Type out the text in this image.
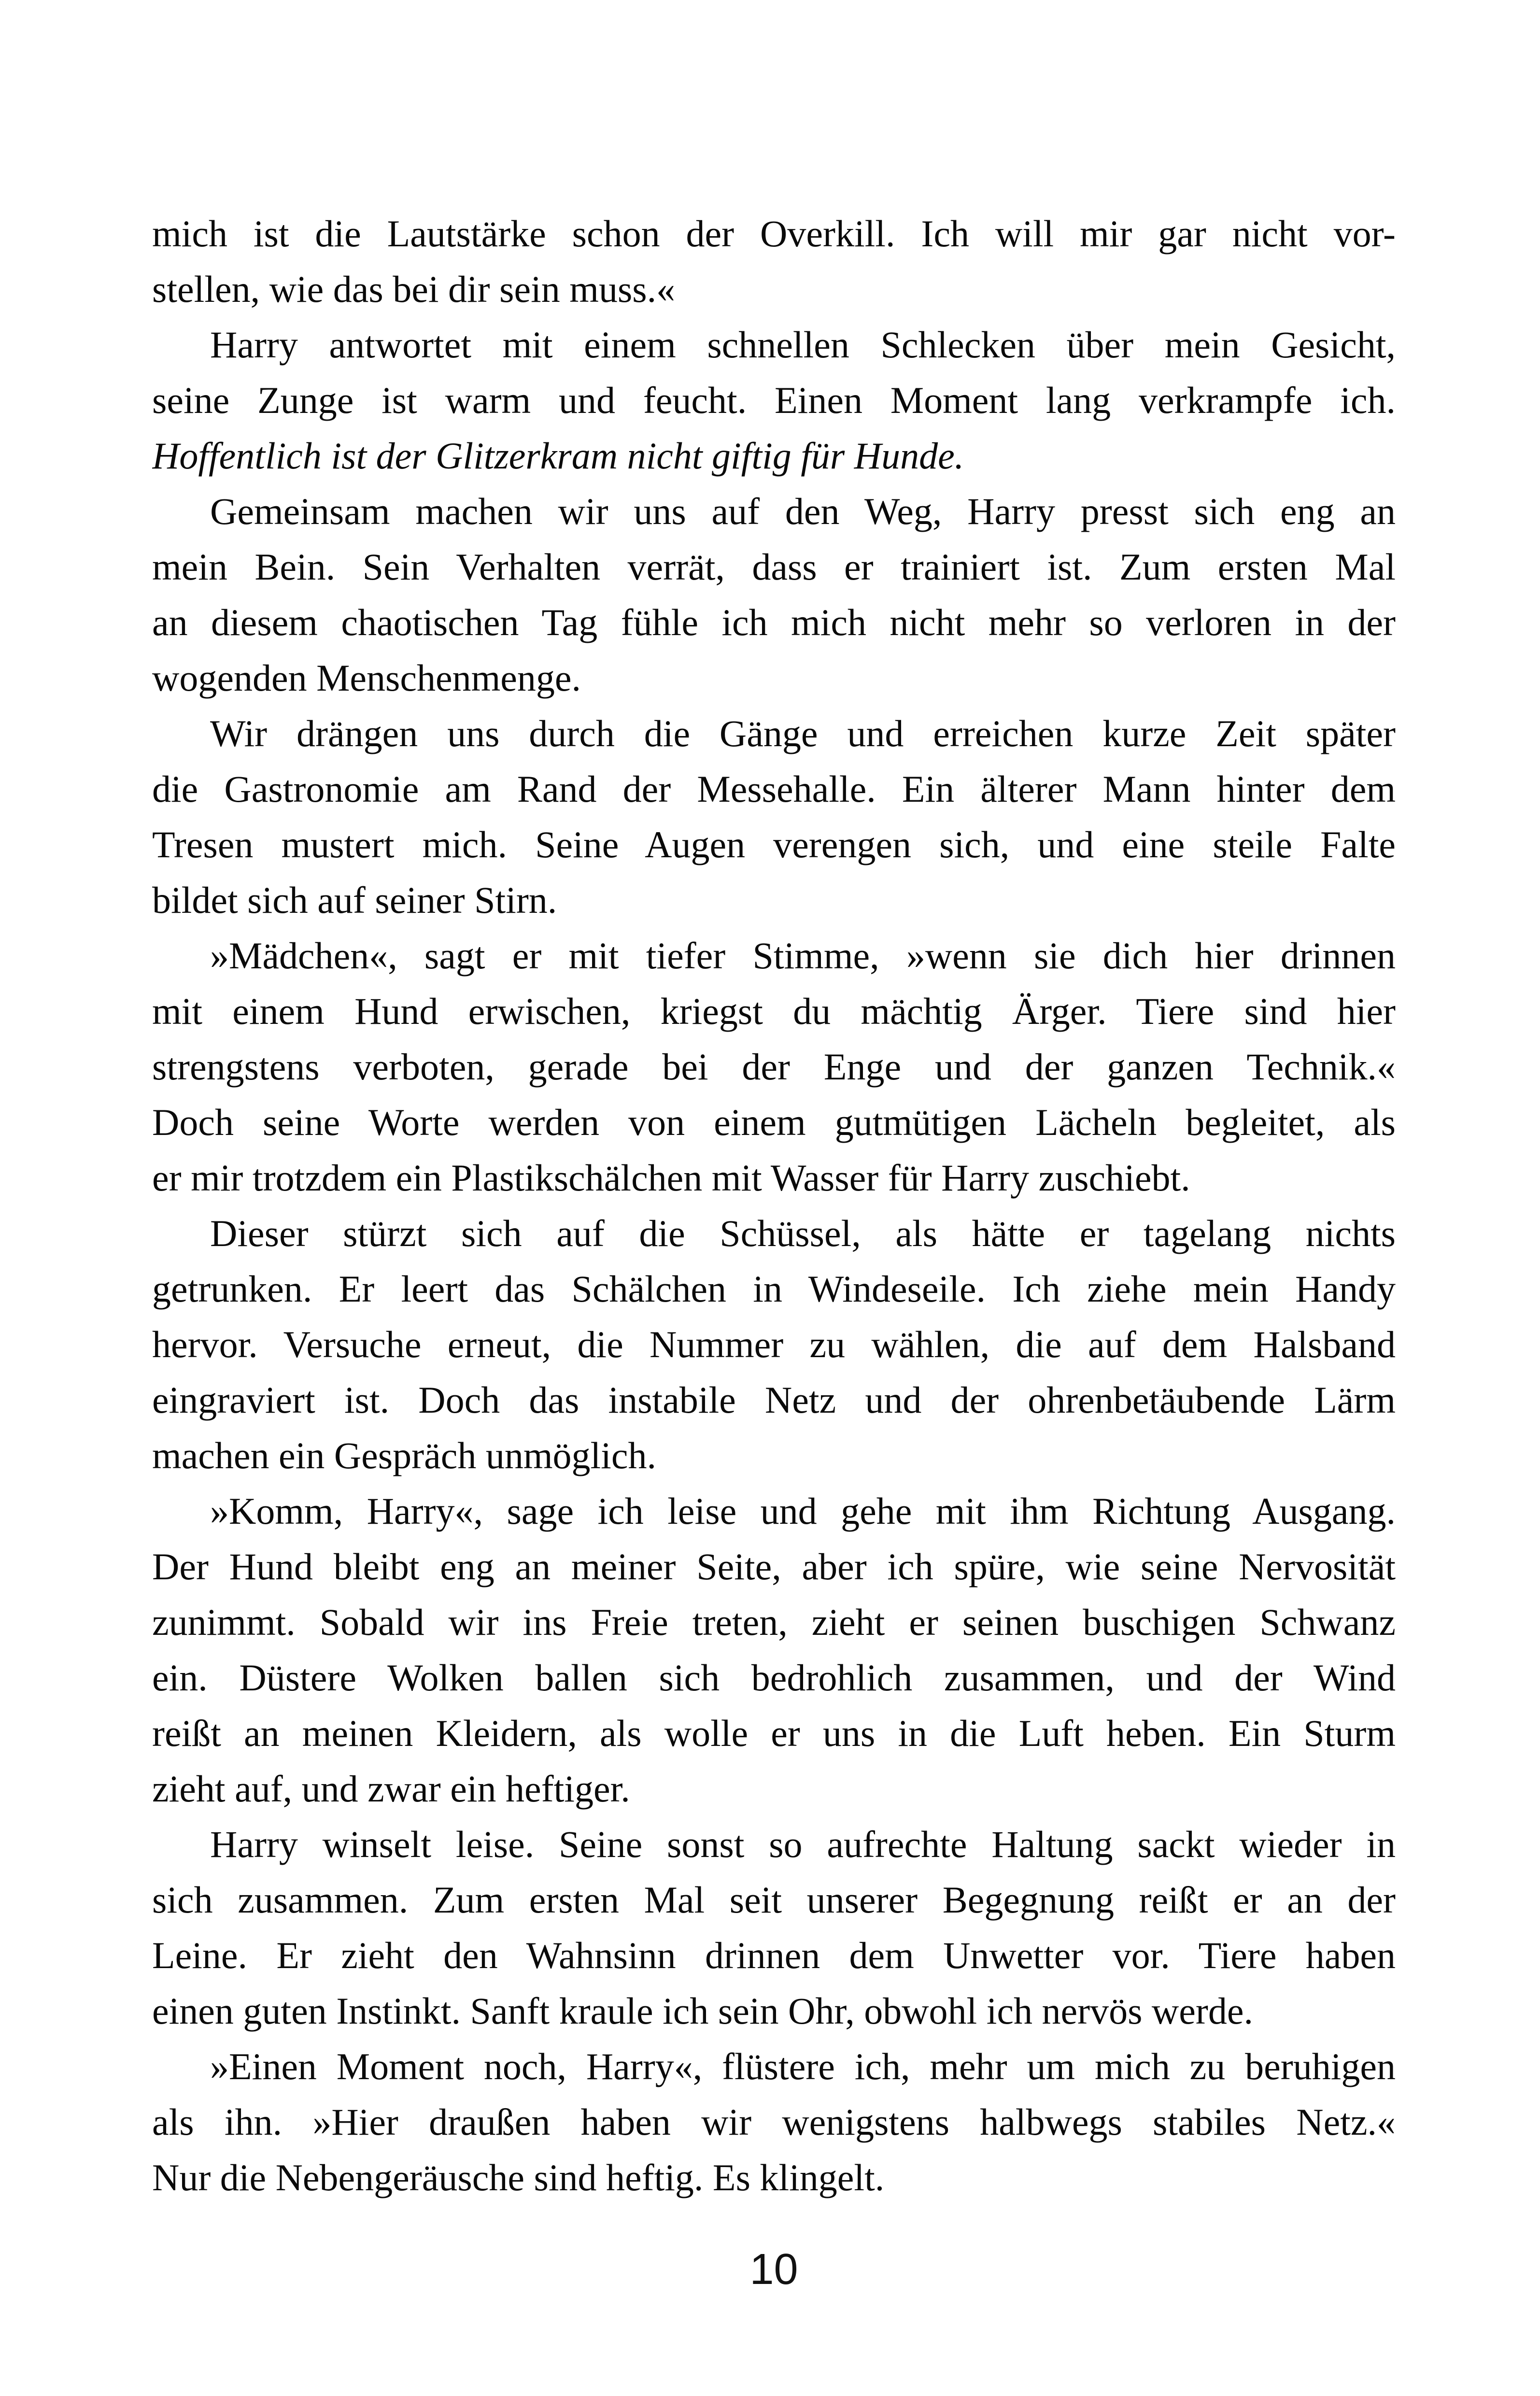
mich ist die Lautstärke schon der Overkill. Ich will mir gar nicht vor-
stellen, wie das bei dir sein muss.«
Harry antwortet mit einem schnellen Schlecken über mein Gesicht,
seine Zunge ist warm und feucht. Einen Moment lang verkrampfe ich.
Hoffentlich ist der Glitzerkram nicht giftig für Hunde.
Gemeinsam machen wir uns auf den Weg, Harry presst sich eng an
mein Bein. Sein Verhalten verrät, dass er trainiert ist. Zum ersten Mal
an diesem chaotischen Tag fühle ich mich nicht mehr so verloren in der
wogenden Menschenmenge.
Wir drängen uns durch die Gänge und erreichen kurze Zeit später
die Gastronomie am Rand der Messehalle. Ein älterer Mann hinter dem
Tresen mustert mich. Seine Augen verengen sich, und eine steile Falte
bildet sich auf seiner Stirn.
»Mädchen«, sagt er mit tiefer Stimme, »wenn sie dich hier drinnen
mit einem Hund erwischen, kriegst du mächtig Ärger. Tiere sind hier
strengstens verboten, gerade bei der Enge und der ganzen Technik.«
Doch seine Worte werden von einem gutmütigen Lächeln begleitet, als
er mir trotzdem ein Plastikschälchen mit Wasser für Harry zuschiebt.
Dieser stürzt sich auf die Schüssel, als hätte er tagelang nichts
getrunken. Er leert das Schälchen in Windeseile. Ich ziehe mein Handy
hervor. Versuche erneut, die Nummer zu wählen, die auf dem Halsband
eingraviert ist. Doch das instabile Netz und der ohrenbetäubende Lärm
machen ein Gespräch unmöglich.
»Komm, Harry«, sage ich leise und gehe mit ihm Richtung Ausgang.
Der Hund bleibt eng an meiner Seite, aber ich spüre, wie seine Nervosität
zunimmt. Sobald wir ins Freie treten, zieht er seinen buschigen Schwanz
ein. Düstere Wolken ballen sich bedrohlich zusammen, und der Wind
reißt an meinen Kleidern, als wolle er uns in die Luft heben. Ein Sturm
zieht auf, und zwar ein heftiger.
Harry winselt leise. Seine sonst so aufrechte Haltung sackt wieder in
sich zusammen. Zum ersten Mal seit unserer Begegnung reißt er an der
Leine. Er zieht den Wahnsinn drinnen dem Unwetter vor. Tiere haben
einen guten Instinkt. Sanft kraule ich sein Ohr, obwohl ich nervös werde.
»Einen Moment noch, Harry«, flüstere ich, mehr um mich zu beruhigen
als ihn. »Hier draußen haben wir wenigstens halbwegs stabiles Netz.«
Nur die Nebengeräusche sind heftig. Es klingelt.
10
